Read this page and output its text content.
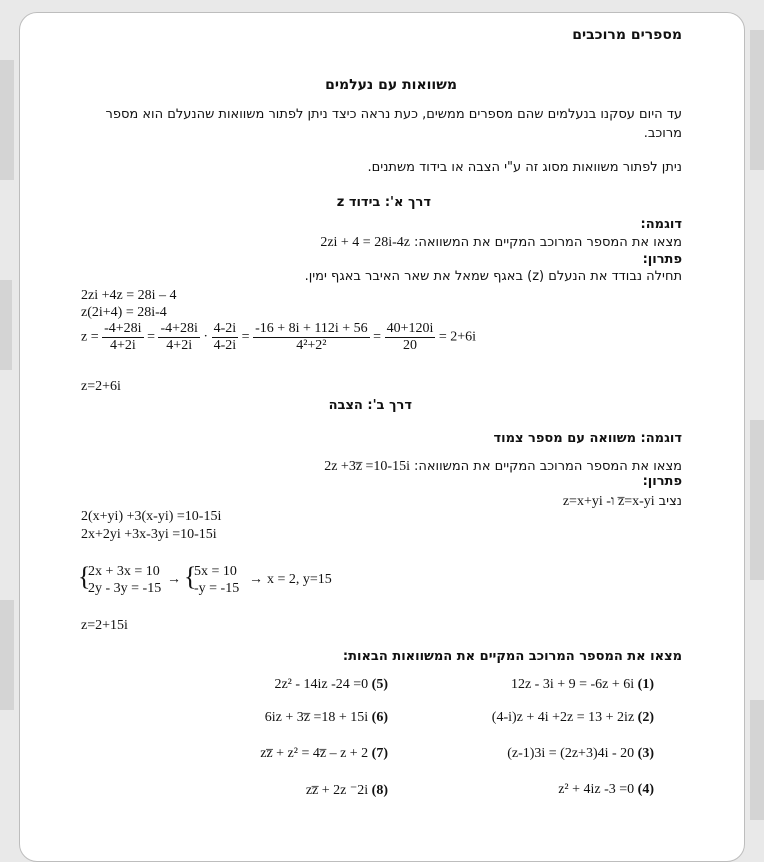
מספרים מרוכבים
משוואות עם נעלמים
עד היום עסקנו בנעלמים שהם מספרים ממשים, כעת נראה כיצד ניתן לפתור משוואות שהנעלם הוא מספר
מרוכב.
ניתן לפתור משוואות מסוג זה ע"י הצבה או בידוד משתנים.
דרך א': בידוד z
דוגמה:
מצאו את המספר המרוכב המקיים את המשוואה: 2zi + 4 = 28i-4z
פתרון:
תחילה נבודד את הנעלם (z) באגף שמאל את שאר האיבר באגף ימין.
2zi +4z = 28i – 4
z(2i+4) = 28i-4
$z = \frac{-4+28i}{4+2i} = \frac{-4+28i}{4+2i} \cdot \frac{4-2i}{4-2i} = \frac{-16 + 8i + 112i + 56}{\text{4²+2²}} = \frac{40+120i}{20} = 2+6i$
z=2+6i
דרך ב': הצבה
דוגמה: משוואה עם מספר צמוד
מצאו את המספר המרוכב המקיים את המשוואה: 2z +3z̅ =10-15i
פתרון:
נציב z̅=x-yi ו- z=x+yi
2(x+yi) +3(x-yi) =10-15i
2x+2yi +3x-3yi =10-15i
{
2x + 3x = 10
2y - 3y = -15
→ {
5x = 10
-y = -15
→ x = 2, y=15
z=2+15i
מצאו את המספר המרוכב המקיים את המשוואות הבאות:
12z - 3i + 9 = -6z + 6i (1)
(4-i)z + 4i +2z = 13 + 2iz (2)
(z-1)3i = (2z+3)4i - 20 (3)
z² + 4iz -3 =0 (4)
2z² - 14iz -24 =0 (5)
6iz + 3z̅ =18 + 15i (6)
zz̅ + z² = 4z̅ – z + 2 (7)
zz̅ + 2z ⁻2i (8)
